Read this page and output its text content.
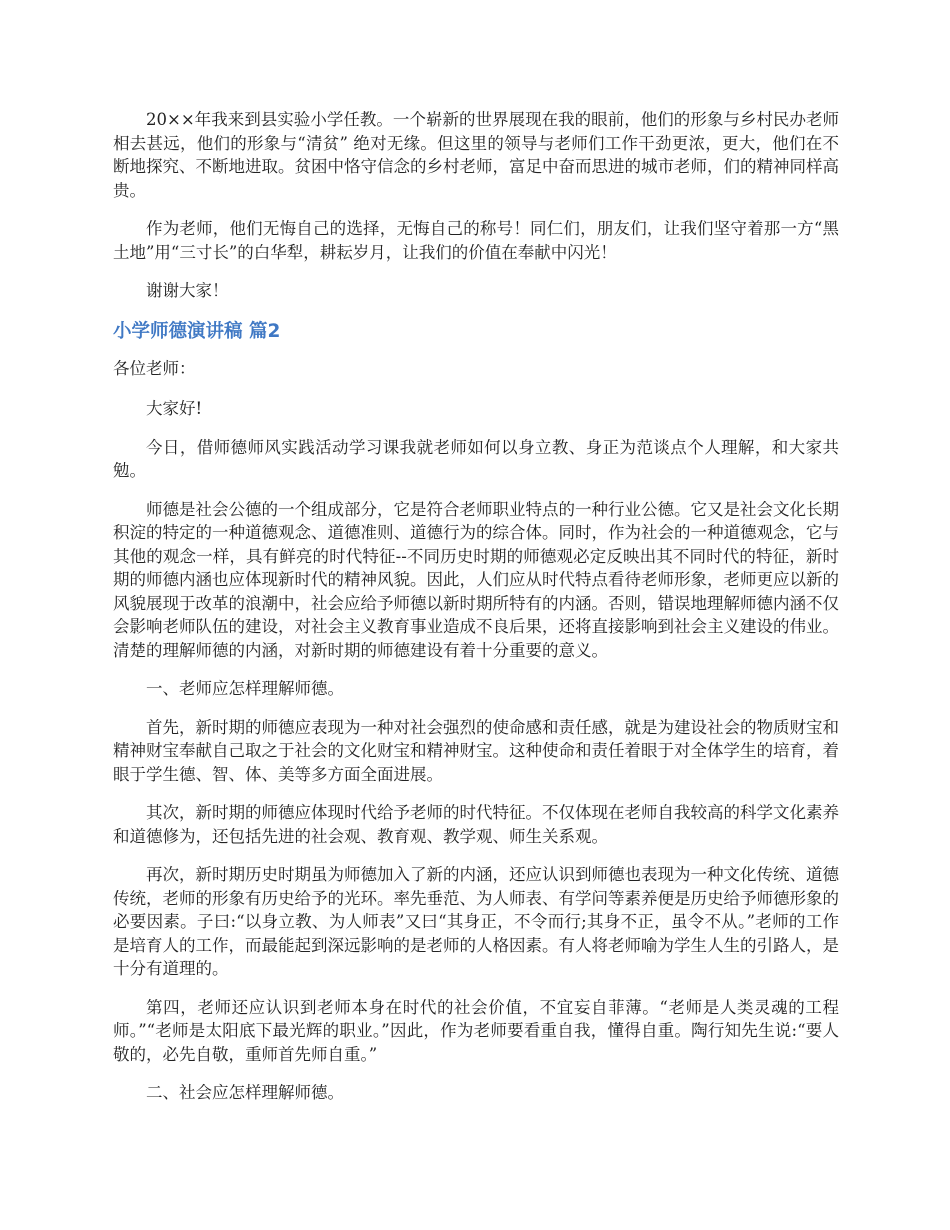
20××年我来到县实验小学任教。一个崭新的世界展现在我的眼前，他们的形象与乡村民办老师相去甚远，他们的形象与“清贫” 绝对无缘。但这里的领导与老师们工作干劲更浓，更大，他们在不断地探究、不断地进取。贫困中恪守信念的乡村老师，富足中奋而思进的城市老师，们的精神同样高贵。

作为老师，他们无悔自己的选择，无悔自己的称号！同仁们，朋友们，让我们坚守着那一方“黑土地”用“三寸长”的白华犁，耕耘岁月，让我们的价值在奉献中闪光！

谢谢大家！

小学师德演讲稿 篇2

各位老师：

大家好!

今日，借师德师风实践活动学习课我就老师如何以身立教、身正为范谈点个人理解，和大家共勉。

师德是社会公德的一个组成部分，它是符合老师职业特点的一种行业公德。它又是社会文化长期积淀的特定的一种道德观念、道德准则、道德行为的综合体。同时，作为社会的一种道德观念，它与其他的观念一样，具有鲜亮的时代特征--不同历史时期的师德观必定反映出其不同时代的特征，新时期的师德内涵也应体现新时代的精神风貌。因此，人们应从时代特点看待老师形象，老师更应以新的风貌展现于改革的浪潮中，社会应给予师德以新时期所特有的内涵。否则，错误地理解师德内涵不仅会影响老师队伍的建设，对社会主义教育事业造成不良后果，还将直接影响到社会主义建设的伟业。清楚的理解师德的内涵，对新时期的师德建设有着十分重要的意义。

一、老师应怎样理解师德。

首先，新时期的师德应表现为一种对社会强烈的使命感和责任感，就是为建设社会的物质财宝和精神财宝奉献自己取之于社会的文化财宝和精神财宝。这种使命和责任着眼于对全体学生的培育，着眼于学生德、智、体、美等多方面全面进展。

其次，新时期的师德应体现时代给予老师的时代特征。不仅体现在老师自我较高的科学文化素养和道德修为，还包括先进的社会观、教育观、教学观、师生关系观。

再次，新时期历史时期虽为师德加入了新的内涵，还应认识到师德也表现为一种文化传统、道德传统，老师的形象有历史给予的光环。率先垂范、为人师表、有学问等素养便是历史给予师德形象的必要因素。子曰:“以身立教、为人师表”又曰“其身正，不令而行;其身不正，虽令不从。”老师的工作是培育人的工作，而最能起到深远影响的是老师的人格因素。有人将老师喻为学生人生的引路人，是十分有道理的。

第四，老师还应认识到老师本身在时代的社会价值，不宜妄自菲薄。“老师是人类灵魂的工程师。”“老师是太阳底下最光辉的职业。”因此，作为老师要看重自我，懂得自重。陶行知先生说:“要人敬的，必先自敬，重师首先师自重。”

二、社会应怎样理解师德。
